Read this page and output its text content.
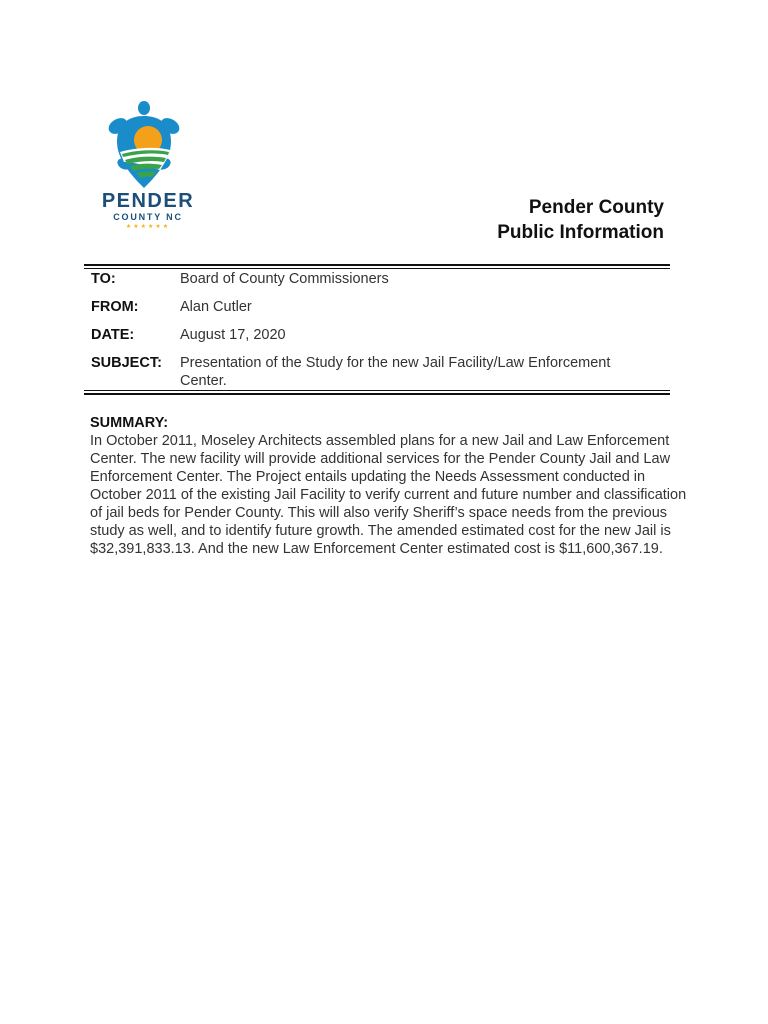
PENDER
COUNTY NC
★★★★★★
Pender County
Public Information
TO:	Board of County Commissioners
FROM:	Alan Cutler
DATE:	August 17, 2020
SUBJECT: Presentation of the Study for the new Jail Facility/Law Enforcement Center.
SUMMARY:

In October 2011, Moseley Architects assembled plans for a new Jail and Law Enforcement Center. The new facility will provide additional services for the Pender County Jail and Law Enforcement Center. The Project entails updating the Needs Assessment conducted in October 2011 of the existing Jail Facility to verify current and future number and classification of jail beds for Pender County. This will also verify Sheriff’s space needs from the previous study as well, and to identify future growth. The amended estimated cost for the new Jail is $32,391,833.13. And the new Law Enforcement Center estimated cost is $11,600,367.19.
